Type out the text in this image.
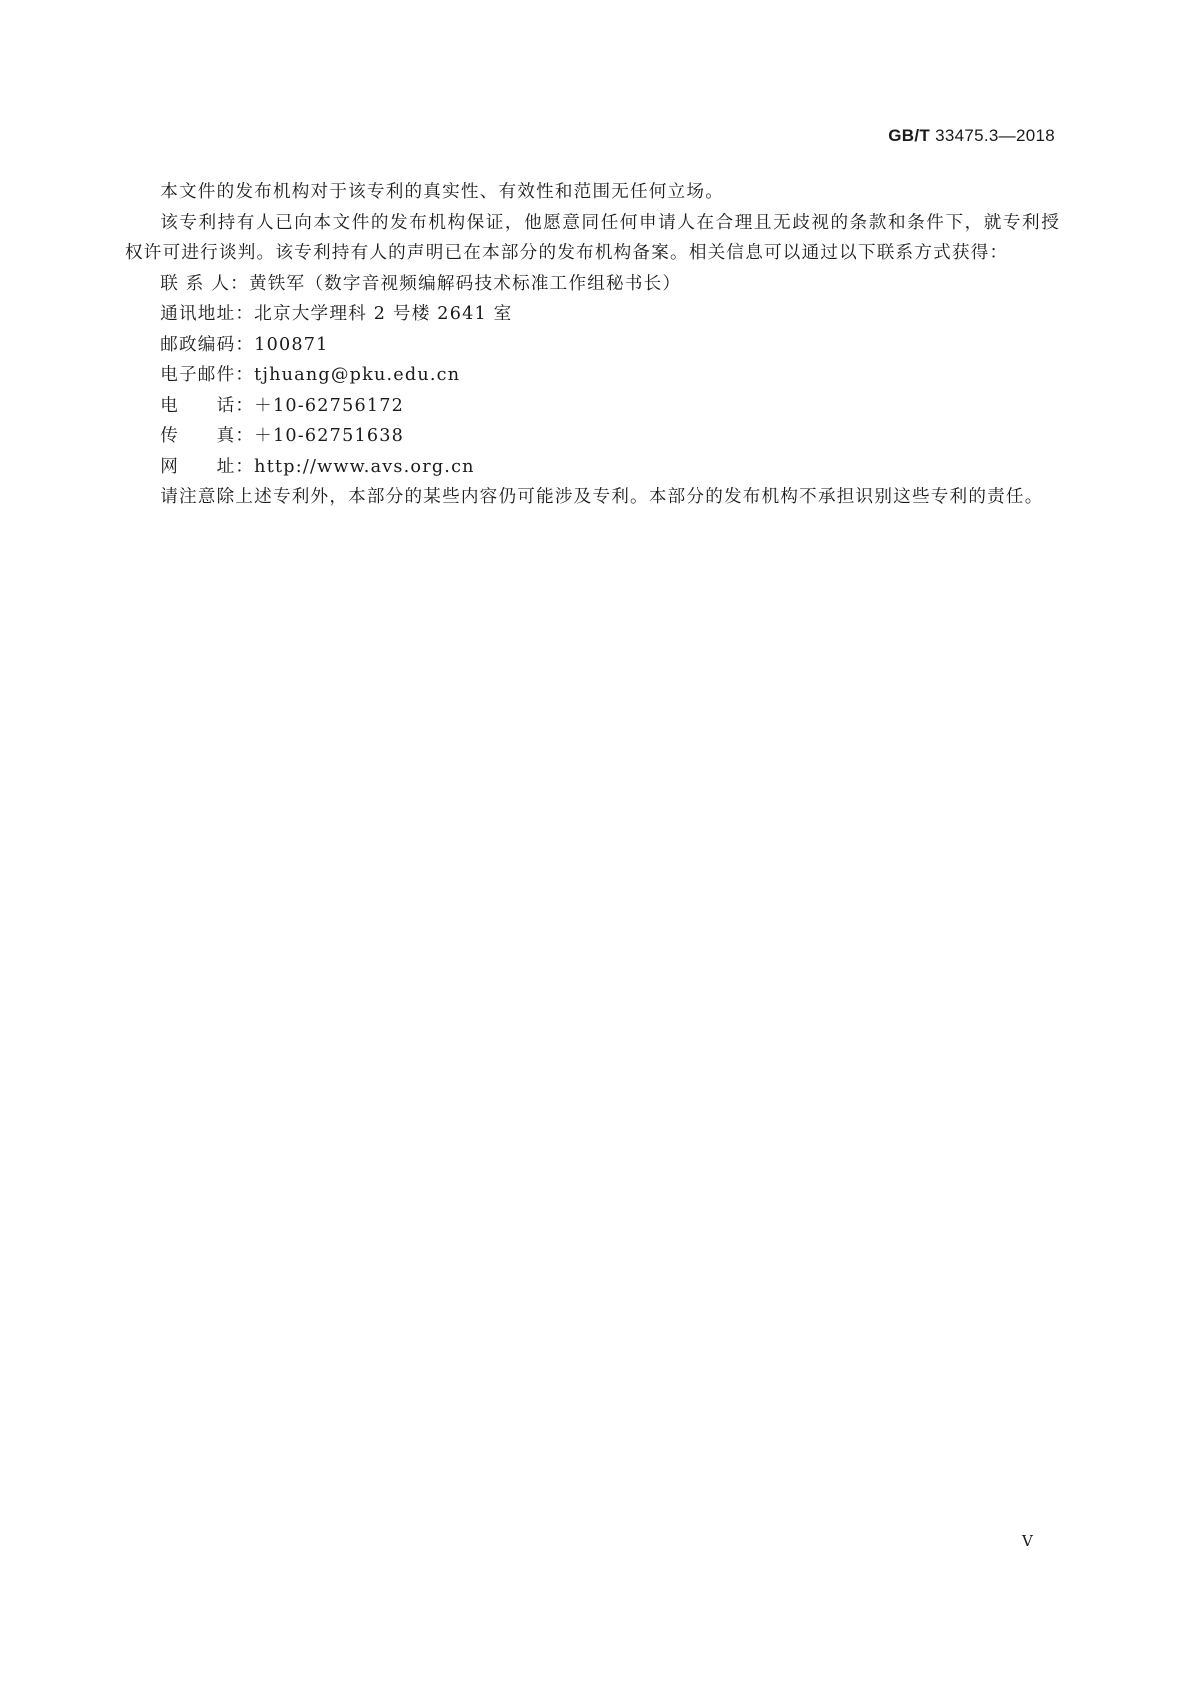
GB/T 33475.3—2018

本文件的发布机构对于该专利的真实性、有效性和范围无任何立场。

该专利持有人已向本文件的发布机构保证，他愿意同任何申请人在合理且无歧视的条款和条件下，就专利授权许可进行谈判。该专利持有人的声明已在本部分的发布机构备案。相关信息可以通过以下联系方式获得：

联 系 人：黄铁军（数字音视频编解码技术标准工作组秘书长）

通讯地址：北京大学理科 2 号楼 2641 室

邮政编码：100871

电子邮件：tjhuang@pku.edu.cn

电　　话：＋10-62756172

传　　真：＋10-62751638

网　　址：http://www.avs.org.cn

请注意除上述专利外，本部分的某些内容仍可能涉及专利。本部分的发布机构不承担识别这些专利的责任。

Ⅴ
